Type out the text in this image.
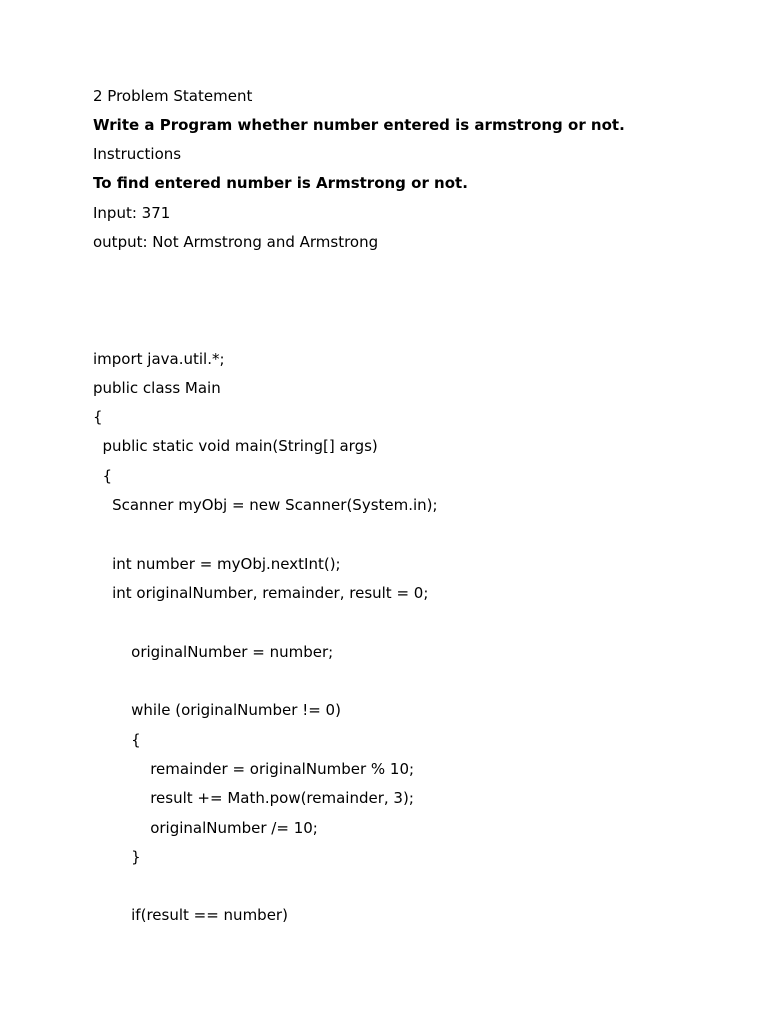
2 Problem Statement
Write a Program whether number entered is armstrong or not.
Instructions
To find entered number is Armstrong or not.
Input: 371
output: Not Armstrong and Armstrong
import java.util.*;
public class Main
{
public static void main(String[] args)
{
Scanner myObj = new Scanner(System.in);
int number = myObj.nextInt();
int originalNumber, remainder, result = 0;
originalNumber = number;
while (originalNumber != 0)
{
remainder = originalNumber % 10;
result += Math.pow(remainder, 3);
originalNumber /= 10;
}
if(result == number)
